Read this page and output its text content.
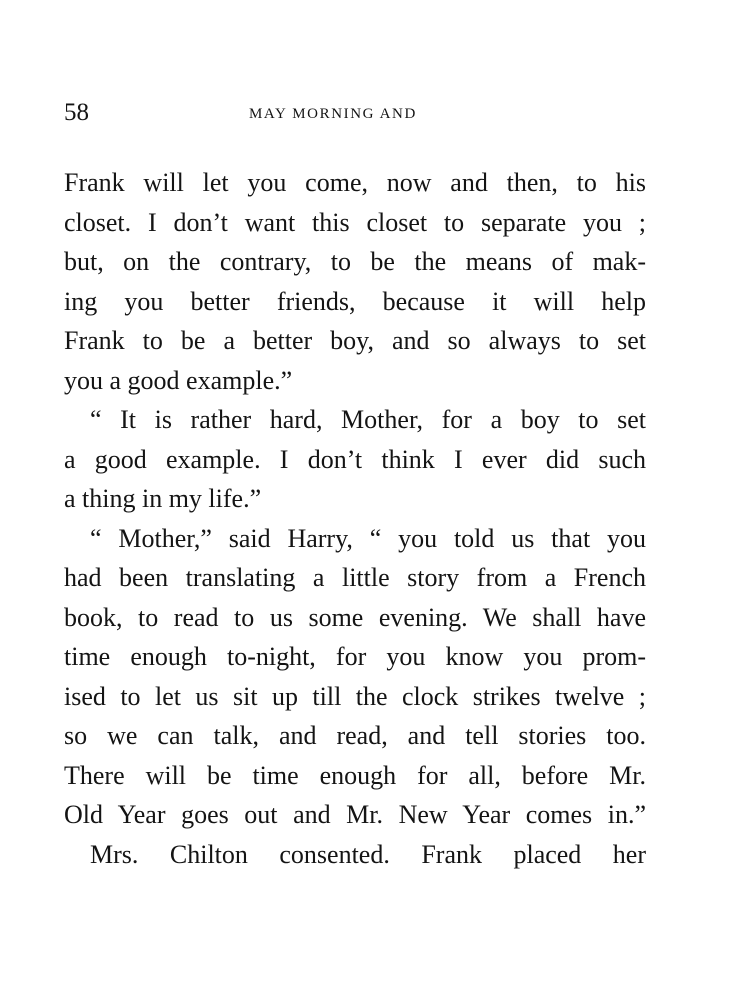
58	MAY MORNING AND
Frank will let you come, now and then, to his
closet. I don’t want this closet to separate you ;
but, on the contrary, to be the means of mak-
ing you better friends, because it will help
Frank to be a better boy, and so always to set
you a good example.”
“ It is rather hard, Mother, for a boy to set
a good example. I don’t think I ever did such
a thing in my life.”
“ Mother,” said Harry, “ you told us that you
had been translating a little story from a French
book, to read to us some evening. We shall have
time enough to-night, for you know you prom-
ised to let us sit up till the clock strikes twelve ;
so we can talk, and read, and tell stories too.
There will be time enough for all, before Mr.
Old Year goes out and Mr. New Year comes in.”
Mrs. Chilton consented. Frank placed her
